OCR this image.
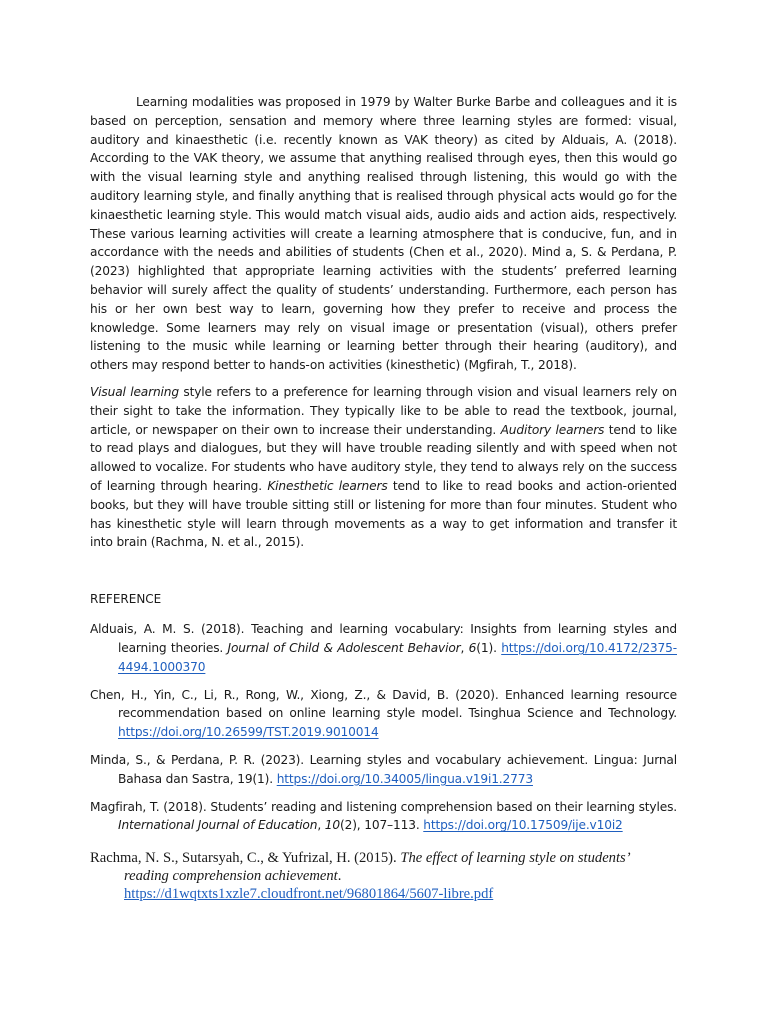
Learning modalities was proposed in 1979 by Walter Burke Barbe and colleagues and it is based on perception, sensation and memory where three learning styles are formed: visual, auditory and kinaesthetic (i.e. recently known as VAK theory) as cited by Alduais, A. (2018). According to the VAK theory, we assume that anything realised through eyes, then this would go with the visual learning style and anything realised through listening, this would go with the auditory learning style, and finally anything that is realised through physical acts would go for the kinaesthetic learning style. This would match visual aids, audio aids and action aids, respectively. These various learning activities will create a learning atmosphere that is conducive, fun, and in accordance with the needs and abilities of students (Chen et al., 2020). Mind a, S. & Perdana, P. (2023) highlighted that appropriate learning activities with the students’ preferred learning behavior will surely affect the quality of students’ understanding. Furthermore, each person has his or her own best way to learn, governing how they prefer to receive and process the knowledge. Some learners may rely on visual image or presentation (visual), others prefer listening to the music while learning or learning better through their hearing (auditory), and others may respond better to hands-on activities (kinesthetic) (Mgfirah, T., 2018).

Visual learning style refers to a preference for learning through vision and visual learners rely on their sight to take the information. They typically like to be able to read the textbook, journal, article, or newspaper on their own to increase their understanding. Auditory learners tend to like to read plays and dialogues, but they will have trouble reading silently and with speed when not allowed to vocalize. For students who have auditory style, they tend to always rely on the success of learning through hearing. Kinesthetic learners tend to like to read books and action-oriented books, but they will have trouble sitting still or listening for more than four minutes. Student who has kinesthetic style will learn through movements as a way to get information and transfer it into brain (Rachma, N. et al., 2015).

REFERENCE

Alduais, A. M. S. (2018). Teaching and learning vocabulary: Insights from learning styles and learning theories. Journal of Child & Adolescent Behavior, 6(1). https://doi.org/10.4172/2375-4494.1000370

Chen, H., Yin, C., Li, R., Rong, W., Xiong, Z., & David, B. (2020). Enhanced learning resource recommendation based on online learning style model. Tsinghua Science and Technology. https://doi.org/10.26599/TST.2019.9010014

Minda, S., & Perdana, P. R. (2023). Learning styles and vocabulary achievement. Lingua: Jurnal Bahasa dan Sastra, 19(1). https://doi.org/10.34005/lingua.v19i1.2773

Magfirah, T. (2018). Students’ reading and listening comprehension based on their learning styles. International Journal of Education, 10(2), 107–113. https://doi.org/10.17509/ije.v10i2

Rachma, N. S., Sutarsyah, C., & Yufrizal, H. (2015). The effect of learning style on students’ reading comprehension achievement.
https://d1wqtxts1xzle7.cloudfront.net/96801864/5607-libre.pdf
